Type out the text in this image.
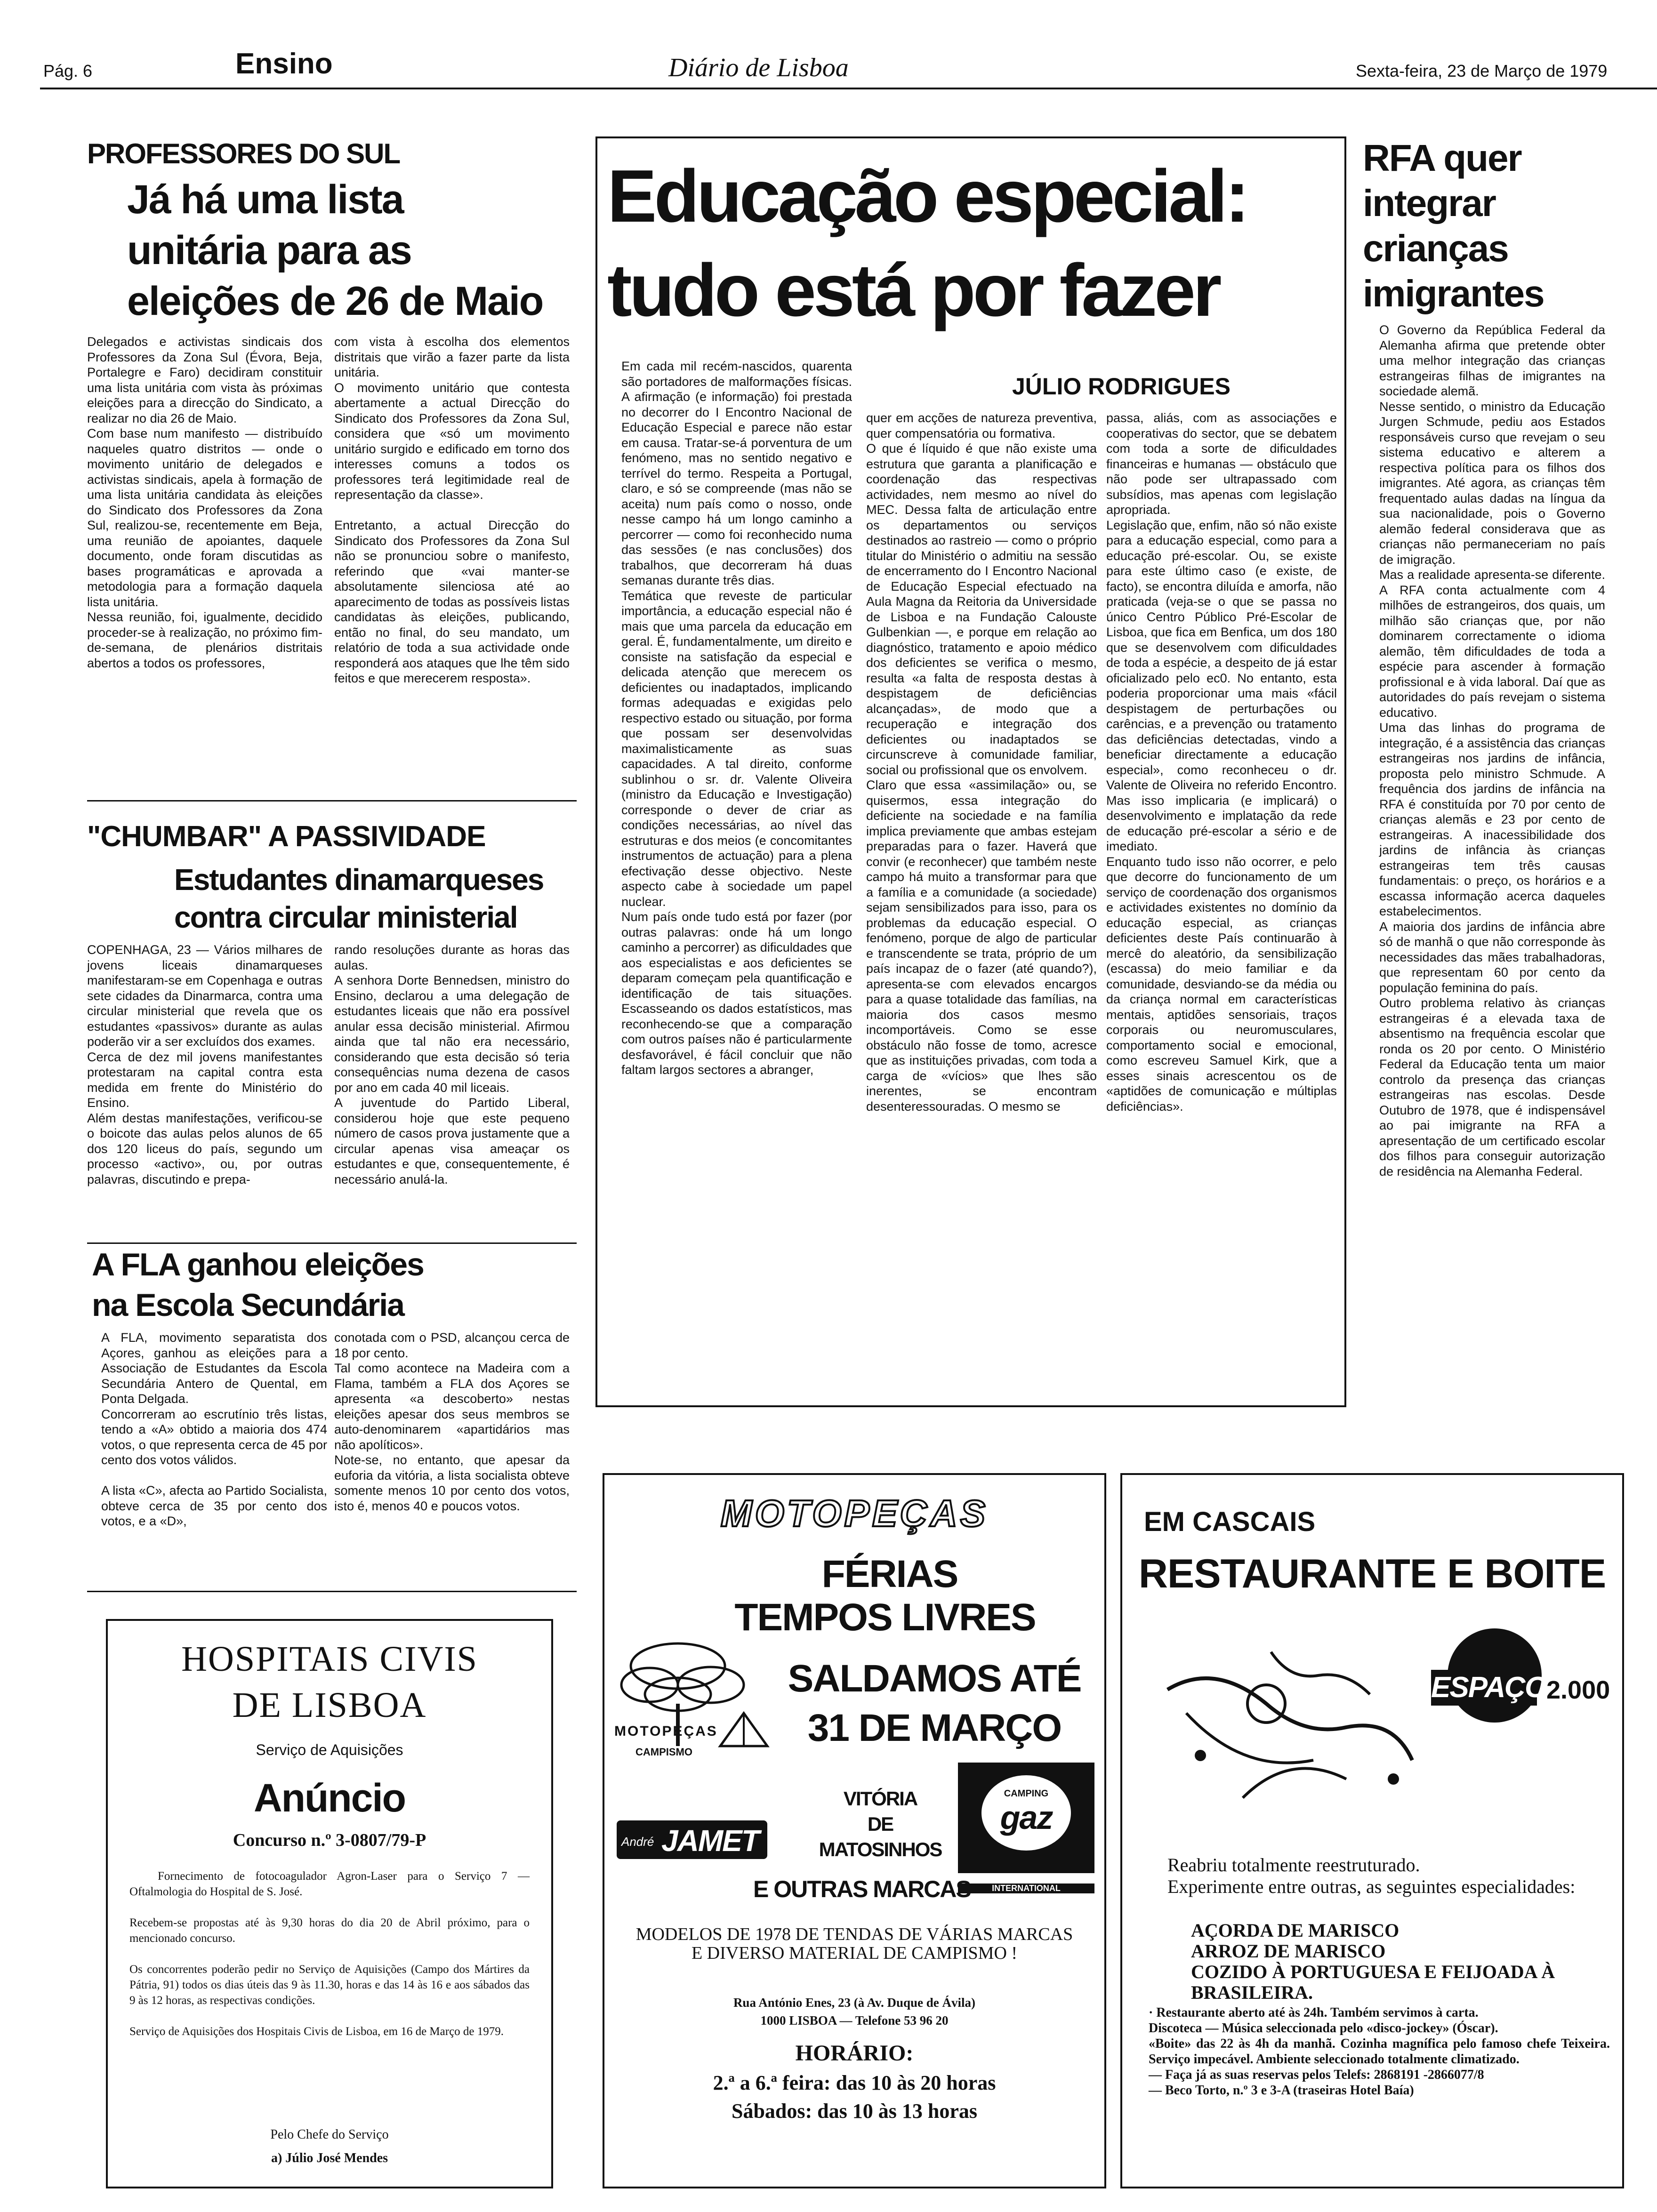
Pág. 6	Ensino	Diário de Lisboa	Sexta-feira, 23 de Março de 1979
PROFESSORES DO SUL
Já há uma lista unitária para as eleições de 26 de Maio

Delegados e activistas sindicais dos Professores da Zona Sul (Évora, Beja, Portalegre e Faro) decidiram constituir uma lista unitária com vista às próximas eleições para a direcção do Sindicato, a realizar no dia 26 de Maio.
Com base num manifesto — distribuído naqueles quatro distritos — onde o movimento unitário de delegados e activistas sindicais, apela à formação de uma lista unitária candidata às eleições do Sindicato dos Professores da Zona Sul, realizou-se, recentemente em Beja, uma reunião de apoiantes, daquele documento, onde foram discutidas as bases programáticas e aprovada a metodologia para a formação daquela lista unitária.
Nessa reunião, foi, igualmente, decidido proceder-se à realização, no próximo fim-de-semana, de plenários distritais abertos a todos os professores,

com vista à escolha dos elementos distritais que virão a fazer parte da lista unitária.
O movimento unitário que contesta abertamente a actual Direcção do Sindicato dos Professores da Zona Sul, considera que «só um movimento unitário surgido e edificado em torno dos interesses comuns a todos os professores terá legitimidade real de representação da classe».

Entretanto, a actual Direcção do Sindicato dos Professores da Zona Sul não se pronunciou sobre o manifesto, referindo que «vai manter-se absolutamente silenciosa até ao aparecimento de todas as possíveis listas candidatas às eleições, publicando, então no final, do seu mandato, um relatório de toda a sua actividade onde responderá aos ataques que lhe têm sido feitos e que merecerem resposta».

"CHUMBAR" A PASSIVIDADE
Estudantes dinamarqueses
contra circular ministerial

COPENHAGA, 23 — Vários milhares de jovens liceais dinamarqueses manifestaram-se em Copenhaga e outras sete cidades da Dinarmarca, contra uma circular ministerial que revela que os estudantes «passivos» durante as aulas poderão vir a ser excluídos dos exames.
Cerca de dez mil jovens manifestantes protestaram na capital contra esta medida em frente do Ministério do Ensino.
Além destas manifestações, verificou-se o boicote das aulas pelos alunos de 65 dos 120 liceus do país, segundo um processo «activo», ou, por outras palavras, discutindo e prepa-

rando resoluções durante as horas das aulas.
A senhora Dorte Bennedsen, ministro do Ensino, declarou a uma delegação de estudantes liceais que não era possível anular essa decisão ministerial. Afirmou ainda que tal não era necessário, considerando que esta decisão só teria consequências numa dezena de casos por ano em cada 40 mil liceais.
A juventude do Partido Liberal, considerou hoje que este pequeno número de casos prova justamente que a circular apenas visa ameaçar os estudantes e que, consequentemente, é necessário anulá-la.

A FLA ganhou eleições
na Escola Secundária

A FLA, movimento separatista dos Açores, ganhou as eleições para a Associação de Estudantes da Escola Secundária Antero de Quental, em Ponta Delgada.
Concorreram ao escrutínio três listas, tendo a «A» obtido a maioria dos 474 votos, o que representa cerca de 45 por cento dos votos válidos.

A lista «C», afecta ao Partido Socialista, obteve cerca de 35 por cento dos votos, e a «D»,

conotada com o PSD, alcançou cerca de 18 por cento.
Tal como acontece na Madeira com a Flama, também a FLA dos Açores se apresenta «a descoberto» nestas eleições apesar dos seus membros se auto-denominarem «apartidários mas não apolíticos».
Note-se, no entanto, que apesar da euforia da vitória, a lista socialista obteve somente menos 10 por cento dos votos, isto é, menos 40 e poucos votos.

HOSPITAIS CIVIS
DE LISBOA
Serviço de Aquisições
Anúncio
Concurso n.º 3-0807/79-P

Fornecimento de fotocoagulador Agron-Laser para o Serviço 7 — Oftalmologia do Hospital de S. José.

Recebem-se propostas até às 9,30 horas do dia 20 de Abril próximo, para o mencionado concurso.

Os concorrentes poderão pedir no Serviço de Aquisições (Campo dos Mártires da Pátria, 91) todos os dias úteis das 9 às 11.30, horas e das 14 às 16 e aos sábados das 9 às 12 horas, as respectivas condições.

Serviço de Aquisições dos Hospitais Civis de Lisboa, em 16 de Março de 1979.

Pelo Chefe do Serviço
a) Júlio José Mendes
Educação especial:
tudo está por fazer
JÚLIO RODRIGUES

Em cada mil recém-nascidos, quarenta são portadores de malformações físicas. A afirmação (e informação) foi prestada no decorrer do I Encontro Nacional de Educação Especial e parece não estar em causa. Tratar-se-á porventura de um fenómeno, mas no sentido negativo e terrível do termo. Respeita a Portugal, claro, e só se compreende (mas não se aceita) num país como o nosso, onde nesse campo há um longo caminho a percorrer — como foi reconhecido numa das sessões (e nas conclusões) dos trabalhos, que decorreram há duas semanas durante três dias.
Temática que reveste de particular importância, a educação especial não é mais que uma parcela da educação em geral. É, fundamentalmente, um direito e consiste na satisfação da especial e delicada atenção que merecem os deficientes ou inadaptados, implicando formas adequadas e exigidas pelo respectivo estado ou situação, por forma que possam ser desenvolvidas maximalisticamente as suas capacidades. A tal direito, conforme sublinhou o sr. dr. Valente Oliveira (ministro da Educação e Investigação) corresponde o dever de criar as condições necessárias, ao nível das estruturas e dos meios (e concomitantes instrumentos de actuação) para a plena efectivação desse objectivo. Neste aspecto cabe à sociedade um papel nuclear.
Num país onde tudo está por fazer (por outras palavras: onde há um longo caminho a percorrer) as dificuldades que aos especialistas e aos deficientes se deparam começam pela quantificação e identificação de tais situações. Escasseando os dados estatísticos, mas reconhecendo-se que a comparação com outros países não é particularmente desfavorável, é fácil concluir que não faltam largos sectores a abranger,

quer em acções de natureza preventiva, quer compensatória ou formativa.
O que é líquido é que não existe uma estrutura que garanta a planificação e coordenação das respectivas actividades, nem mesmo ao nível do MEC. Dessa falta de articulação entre os departamentos ou serviços destinados ao rastreio — como o próprio titular do Ministério o admitiu na sessão de encerramento do I Encontro Nacional de Educação Especial efectuado na Aula Magna da Reitoria da Universidade de Lisboa e na Fundação Calouste Gulbenkian —, e porque em relação ao diagnóstico, tratamento e apoio médico dos deficientes se verifica o mesmo, resulta «a falta de resposta destas à despistagem de deficiências alcançadas», de modo que a recuperação e integração dos deficientes ou inadaptados se circunscreve à comunidade familiar, social ou profissional que os envolvem.
Claro que essa «assimilação» ou, se quisermos, essa integração do deficiente na sociedade e na família implica previamente que ambas estejam preparadas para o fazer. Haverá que convir (e reconhecer) que também neste campo há muito a transformar para que a família e a comunidade (a sociedade) sejam sensibilizados para isso, para os problemas da educação especial. O fenómeno, porque de algo de particular e transcendente se trata, próprio de um país incapaz de o fazer (até quando?), apresenta-se com elevados encargos para a quase totalidade das famílias, na maioria dos casos mesmo incomportáveis. Como se esse obstáculo não fosse de tomo, acresce que as instituições privadas, com toda a carga de «vícios» que lhes são inerentes, se encontram desenteressouradas. O mesmo se

passa, aliás, com as associações e cooperativas do sector, que se debatem com toda a sorte de dificuldades financeiras e humanas — obstáculo que não pode ser ultrapassado com subsídios, mas apenas com legislação apropriada.
Legislação que, enfim, não só não existe para a educação especial, como para a educação pré-escolar. Ou, se existe para este último caso (e existe, de facto), se encontra diluída e amorfa, não praticada (veja-se o que se passa no único Centro Público Pré-Escolar de Lisboa, que fica em Benfica, um dos 180 que se desenvolvem com dificuldades de toda a espécie, a despeito de já estar oficializado pelo ec0. No entanto, esta poderia proporcionar uma mais «fácil despistagem de perturbações ou carências, e a prevenção ou tratamento das deficiências detectadas, vindo a beneficiar directamente a educação especial», como reconheceu o dr. Valente de Oliveira no referido Encontro. Mas isso implicaria (e implicará) o desenvolvimento e implatação da rede de educação pré-escolar a sério e de imediato.
Enquanto tudo isso não ocorrer, e pelo que decorre do funcionamento de um serviço de coordenação dos organismos e actividades existentes no domínio da educação especial, as crianças deficientes deste País continuarão à mercê do aleatório, da sensibilização (escassa) do meio familiar e da comunidade, desviando-se da média ou da criança normal em características mentais, aptidões sensoriais, traços corporais ou neuromusculares, comportamento social e emocional, como escreveu Samuel Kirk, que a esses sinais acrescentou os de «aptidões de comunicação e múltiplas deficiências».

RFA quer integrar crianças imigrantes

O Governo da República Federal da Alemanha afirma que pretende obter uma melhor integração das crianças estrangeiras filhas de imigrantes na sociedade alemã.
Nesse sentido, o ministro da Educação Jurgen Schmude, pediu aos Estados responsáveis curso que revejam o seu sistema educativo e alterem a respectiva política para os filhos dos imigrantes. Até agora, as crianças têm frequentado aulas dadas na língua da sua nacionalidade, pois o Governo alemão federal considerava que as crianças não permaneceriam no país de imigração.
Mas a realidade apresenta-se diferente. A RFA conta actualmente com 4 milhões de estrangeiros, dos quais, um milhão são crianças que, por não dominarem correctamente o idioma alemão, têm dificuldades de toda a espécie para ascender à formação profissional e à vida laboral. Daí que as autoridades do país revejam o sistema educativo.
Uma das linhas do programa de integração, é a assistência das crianças estrangeiras nos jardins de infância, proposta pelo ministro Schmude. A frequência dos jardins de infância na RFA é constituída por 70 por cento de crianças alemãs e 23 por cento de estrangeiras. A inacessibilidade dos jardins de infância às crianças estrangeiras tem três causas fundamentais: o preço, os horários e a escassa informação acerca daqueles estabelecimentos.
A maioria dos jardins de infância abre só de manhã o que não corresponde às necessidades das mães trabalhadoras, que representam 60 por cento da população feminina do país.
Outro problema relativo às crianças estrangeiras é a elevada taxa de absentismo na frequência escolar que ronda os 20 por cento. O Ministério Federal da Educação tenta um maior controlo da presença das crianças estrangeiras nas escolas. Desde Outubro de 1978, que é indispensável ao pai imigrante na RFA a apresentação de um certificado escolar dos filhos para conseguir autorização de residência na Alemanha Federal.

MOTOPEÇAS
FÉRIAS
TEMPOS LIVRES
MOTOPEÇAS
CAMPISMO
SALDAMOS ATÉ
31 DE MARÇO
VITÓRIA
DE
MATOSINHOS
André JAMET
CAMPING
gaz
INTERNATIONAL
E OUTRAS MARCAS

MODELOS DE 1978 DE TENDAS DE VÁRIAS MARCAS E DIVERSO MATERIAL DE CAMPISMO !

Rua António Enes, 23 (à Av. Duque de Ávila)
1000 LISBOA — Telefone 53 96 20
HORÁRIO:
2.ª a 6.ª feira: das 10 às 20 horas
Sábados: das 10 às 13 horas
EM CASCAIS
RESTAURANTE E BOITE
ESPAÇO 2.000

Reabriu totalmente reestruturado.
Experimente entre outras, as seguintes especialidades:

AÇORDA DE MARISCO
ARROZ DE MARISCO
COZIDO À PORTUGUESA E FEIJOADA À BRASILEIRA.

· Restaurante aberto até às 24h. Também servimos à carta.
Discoteca — Música seleccionada pelo «disco-jockey» (Óscar).
«Boite» das 22 às 4h da manhã. Cozinha magnífica pelo famoso chefe Teixeira. Serviço impecável. Ambiente seleccionado totalmente climatizado.
— Faça já as suas reservas pelos Telefs: 2868191 -2866077/8
— Beco Torto, n.º 3 e 3-A (traseiras Hotel Baía)
